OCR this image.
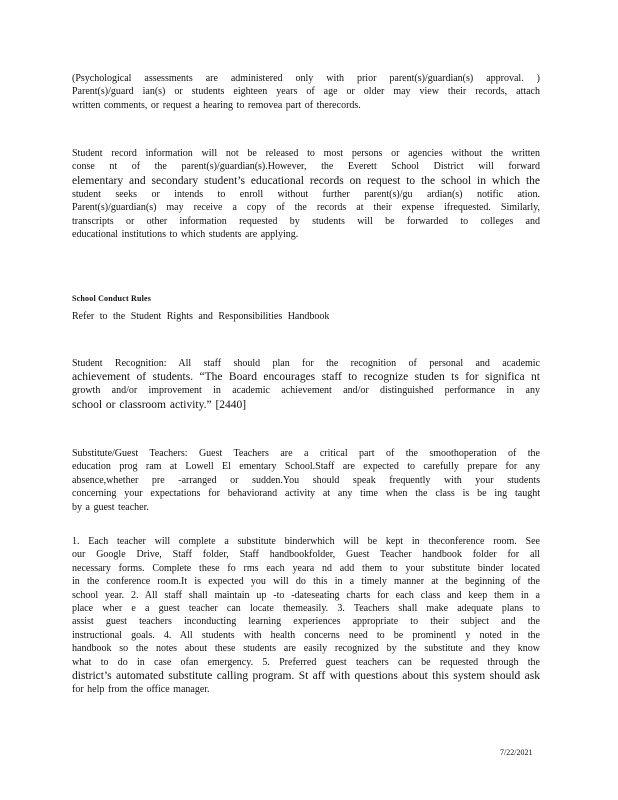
(Psychological assessments are administered only with prior parent(s)/guardian(s) approval. )
Parent(s)/guard ian(s) or students eighteen years of age or older may view their records, attach
written comments, or request a hearing to removea part of therecords.
Student record information will not be released to most persons or agencies without the written
conse nt of the parent(s)/guardian(s).However, the Everett School District will forward
elementary and secondary student’s educational records on request to the school in which the
student seeks or intends to enroll without further parent(s)/gu ardian(s) notific ation.
Parent(s)/guardian(s) may receive a copy of the records at their expense ifrequested. Similarly,
transcripts or other information requested by students will be forwarded to colleges and
educational institutions to which students are applying.
School Conduct Rules
Refer to the Student Rights and Responsibilities Handbook
Student Recognition: All staff should plan for the recognition of personal and academic
achievement of students. “The Board encourages staff to recognize studen ts for significa nt
growth and/or improvement in academic achievement and/or distinguished performance in any
school or classroom activity.” [2440]
Substitute/Guest Teachers: Guest Teachers are a critical part of the smoothoperation of the
education prog ram at Lowell El ementary School.Staff are expected to carefully prepare for any
absence,whether pre -arranged or sudden.You should speak frequently with your students
concerning your expectations for behaviorand activity at any time when the class is be ing taught
by a guest teacher.
1. Each teacher will complete a substitute binderwhich will be kept in theconference room. See
our Google Drive, Staff folder, Staff handbookfolder, Guest Teacher handbook folder for all
necessary forms. Complete these fo rms each yeara nd add them to your substitute binder located
in the conference room.It is expected you will do this in a timely manner at the beginning of the
school year. 2. All staff shall maintain up -to -dateseating charts for each class and keep them in a
place wher e a guest teacher can locate themeasily. 3. Teachers shall make adequate plans to
assist guest teachers inconducting learning experiences appropriate to their subject and the
instructional goals. 4. All students with health concerns need to be prominentl y noted in the
handbook so the notes about these students are easily recognized by the substitute and they know
what to do in case ofan emergency. 5. Preferred guest teachers can be requested through the
district’s automated substitute calling program. St aff with questions about this system should ask
for help from the office manager.
7/22/2021
